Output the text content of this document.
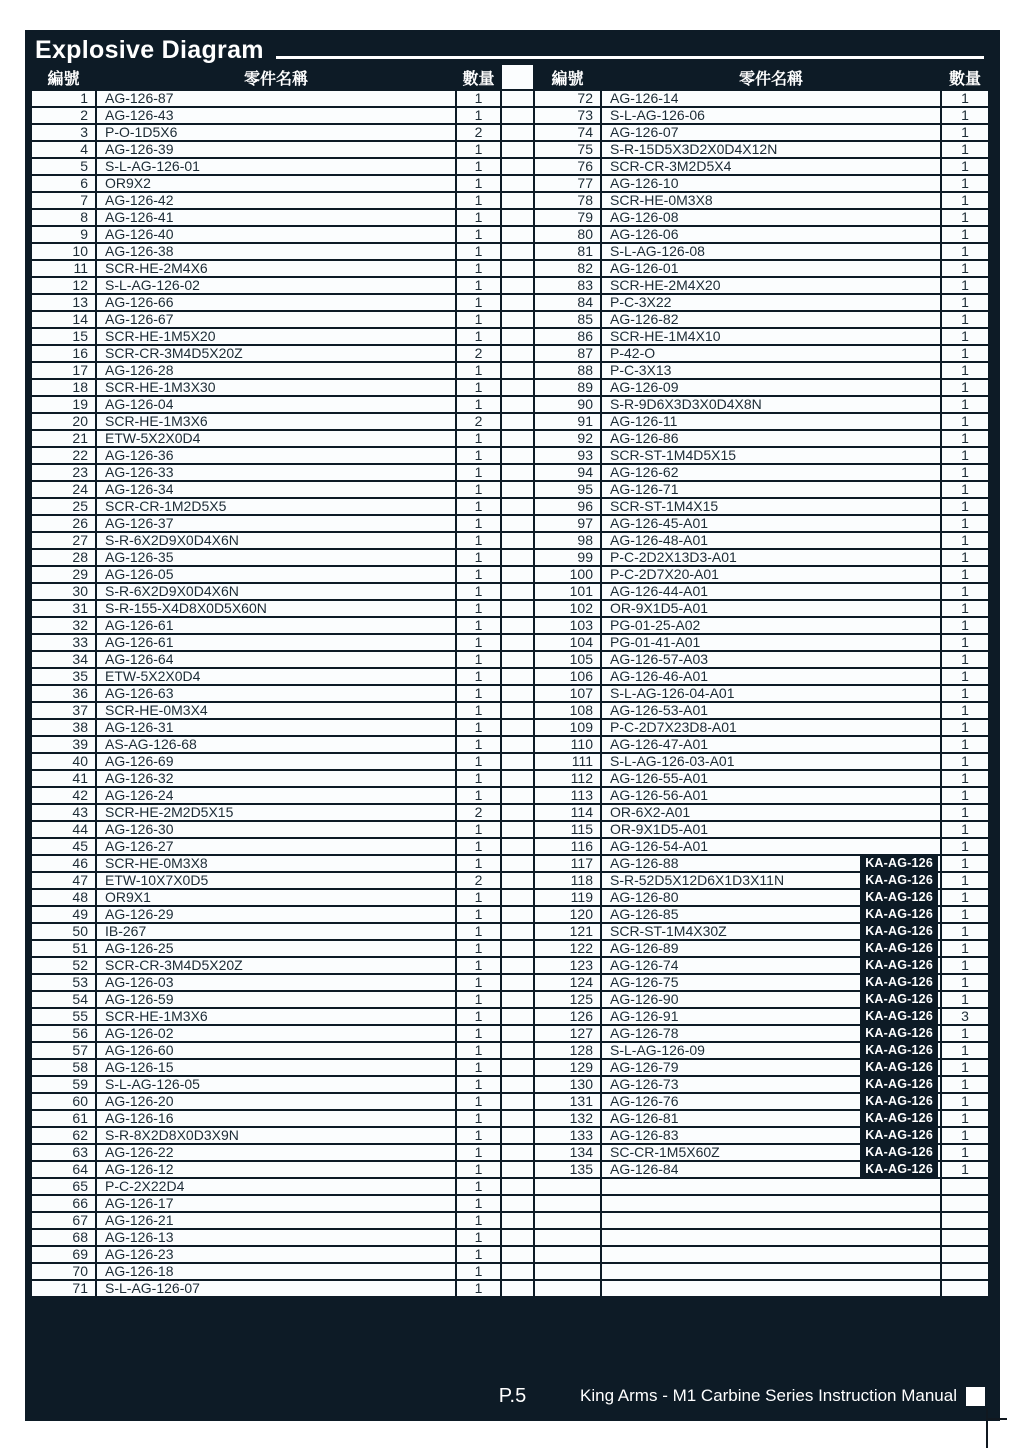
Explosive Diagram
編號	零件名稱	數量		編號	零件名稱	數量
1	AG-126-87	1		72	AG-126-14	1
2	AG-126-43	1		73	S-L-AG-126-06	1
3	P-O-1D5X6	2		74	AG-126-07	1
4	AG-126-39	1		75	S-R-15D5X3D2X0D4X12N	1
5	S-L-AG-126-01	1		76	SCR-CR-3M2D5X4	1
6	OR9X2	1		77	AG-126-10	1
7	AG-126-42	1		78	SCR-HE-0M3X8	1
8	AG-126-41	1		79	AG-126-08	1
9	AG-126-40	1		80	AG-126-06	1
10	AG-126-38	1		81	S-L-AG-126-08	1
11	SCR-HE-2M4X6	1		82	AG-126-01	1
12	S-L-AG-126-02	1		83	SCR-HE-2M4X20	1
13	AG-126-66	1		84	P-C-3X22	1
14	AG-126-67	1		85	AG-126-82	1
15	SCR-HE-1M5X20	1		86	SCR-HE-1M4X10	1
16	SCR-CR-3M4D5X20Z	2		87	P-42-O	1
17	AG-126-28	1		88	P-C-3X13	1
18	SCR-HE-1M3X30	1		89	AG-126-09	1
19	AG-126-04	1		90	S-R-9D6X3D3X0D4X8N	1
20	SCR-HE-1M3X6	2		91	AG-126-11	1
21	ETW-5X2X0D4	1		92	AG-126-86	1
22	AG-126-36	1		93	SCR-ST-1M4D5X15	1
23	AG-126-33	1		94	AG-126-62	1
24	AG-126-34	1		95	AG-126-71	1
25	SCR-CR-1M2D5X5	1		96	SCR-ST-1M4X15	1
26	AG-126-37	1		97	AG-126-45-A01	1
27	S-R-6X2D9X0D4X6N	1		98	AG-126-48-A01	1
28	AG-126-35	1		99	P-C-2D2X13D3-A01	1
29	AG-126-05	1		100	P-C-2D7X20-A01	1
30	S-R-6X2D9X0D4X6N	1		101	AG-126-44-A01	1
31	S-R-155-X4D8X0D5X60N	1		102	OR-9X1D5-A01	1
32	AG-126-61	1		103	PG-01-25-A02	1
33	AG-126-61	1		104	PG-01-41-A01	1
34	AG-126-64	1		105	AG-126-57-A03	1
35	ETW-5X2X0D4	1		106	AG-126-46-A01	1
36	AG-126-63	1		107	S-L-AG-126-04-A01	1
37	SCR-HE-0M3X4	1		108	AG-126-53-A01	1
38	AG-126-31	1		109	P-C-2D7X23D8-A01	1
39	AS-AG-126-68	1		110	AG-126-47-A01	1
40	AG-126-69	1		111	S-L-AG-126-03-A01	1
41	AG-126-32	1		112	AG-126-55-A01	1
42	AG-126-24	1		113	AG-126-56-A01	1
43	SCR-HE-2M2D5X15	2		114	OR-6X2-A01	1
44	AG-126-30	1		115	OR-9X1D5-A01	1
45	AG-126-27	1		116	AG-126-54-A01	1
46	SCR-HE-0M3X8	1		117	AG-126-88 KA-AG-126	1
47	ETW-10X7X0D5	2		118	S-R-52D5X12D6X1D3X11N KA-AG-126	1
48	OR9X1	1		119	AG-126-80 KA-AG-126	1
49	AG-126-29	1		120	AG-126-85 KA-AG-126	1
50	IB-267	1		121	SCR-ST-1M4X30Z KA-AG-126	1
51	AG-126-25	1		122	AG-126-89 KA-AG-126	1
52	SCR-CR-3M4D5X20Z	1		123	AG-126-74 KA-AG-126	1
53	AG-126-03	1		124	AG-126-75 KA-AG-126	1
54	AG-126-59	1		125	AG-126-90 KA-AG-126	1
55	SCR-HE-1M3X6	1		126	AG-126-91 KA-AG-126	3
56	AG-126-02	1		127	AG-126-78 KA-AG-126	1
57	AG-126-60	1		128	S-L-AG-126-09 KA-AG-126	1
58	AG-126-15	1		129	AG-126-79 KA-AG-126	1
59	S-L-AG-126-05	1		130	AG-126-73 KA-AG-126	1
60	AG-126-20	1		131	AG-126-76 KA-AG-126	1
61	AG-126-16	1		132	AG-126-81 KA-AG-126	1
62	S-R-8X2D8X0D3X9N	1		133	AG-126-83 KA-AG-126	1
63	AG-126-22	1		134	SC-CR-1M5X60Z KA-AG-126	1
64	AG-126-12	1		135	AG-126-84 KA-AG-126	1
65	P-C-2X22D4	1			

66	AG-126-17	1			

67	AG-126-21	1			

68	AG-126-13	1			

69	AG-126-23	1			

70	AG-126-18	1			

71	S-L-AG-126-07	1			

P.5	King Arms - M1 Carbine Series Instruction Manual
